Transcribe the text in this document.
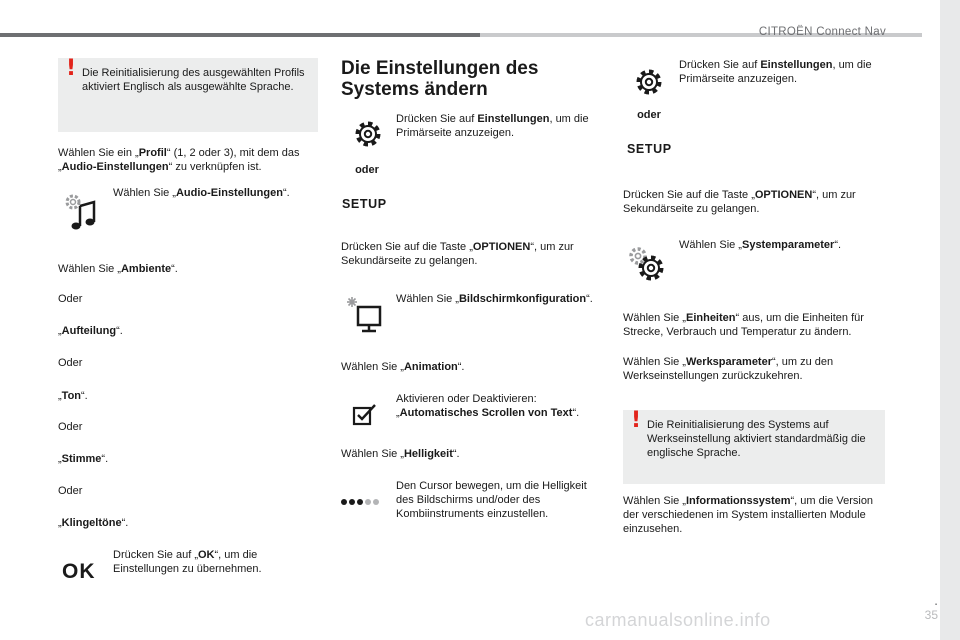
CITROËN Connect Nav
.
35
carmanualsonline.info
! Die Reinitialisierung des ausgewählten Profils aktiviert Englisch als ausgewählte Sprache.
Wählen Sie ein „Profil“ (1, 2 oder 3), mit dem das
„Audio-Einstellungen“ zu verknüpfen ist.
Wählen Sie „Audio-Einstellungen“.
Wählen Sie „Ambiente“.
Oder
„Aufteilung“.
Oder
„Ton“.
Oder
„Stimme“.
Oder
„Klingeltöne“.
OK
Drücken Sie auf „OK“, um die Einstellungen zu übernehmen.
Die Einstellungen des
Systems ändern
Drücken Sie auf Einstellungen, um die Primärseite anzuzeigen.
oder
SETUP
Drücken Sie auf die Taste „OPTIONEN“, um zur Sekundärseite zu gelangen.
Wählen Sie „Bildschirmkonfiguration“.
Wählen Sie „Animation“.
Aktivieren oder Deaktivieren:
„Automatisches Scrollen von Text“.
Wählen Sie „Helligkeit“.
Den Cursor bewegen, um die Helligkeit des Bildschirms und/oder des Kombiinstruments einzustellen.
Drücken Sie auf Einstellungen, um die Primärseite anzuzeigen.
oder
SETUP
Drücken Sie auf die Taste „OPTIONEN“, um zur Sekundärseite zu gelangen.
Wählen Sie „Systemparameter“.
Wählen Sie „Einheiten“ aus, um die Einheiten für Strecke, Verbrauch und Temperatur zu ändern.
Wählen Sie „Werksparameter“, um zu den Werkseinstellungen zurückzukehren.
! Die Reinitialisierung des Systems auf Werkseinstellung aktiviert standardmäßig die englische Sprache.
Wählen Sie „Informationssystem“, um die Version der verschiedenen im System installierten Module einzusehen.
